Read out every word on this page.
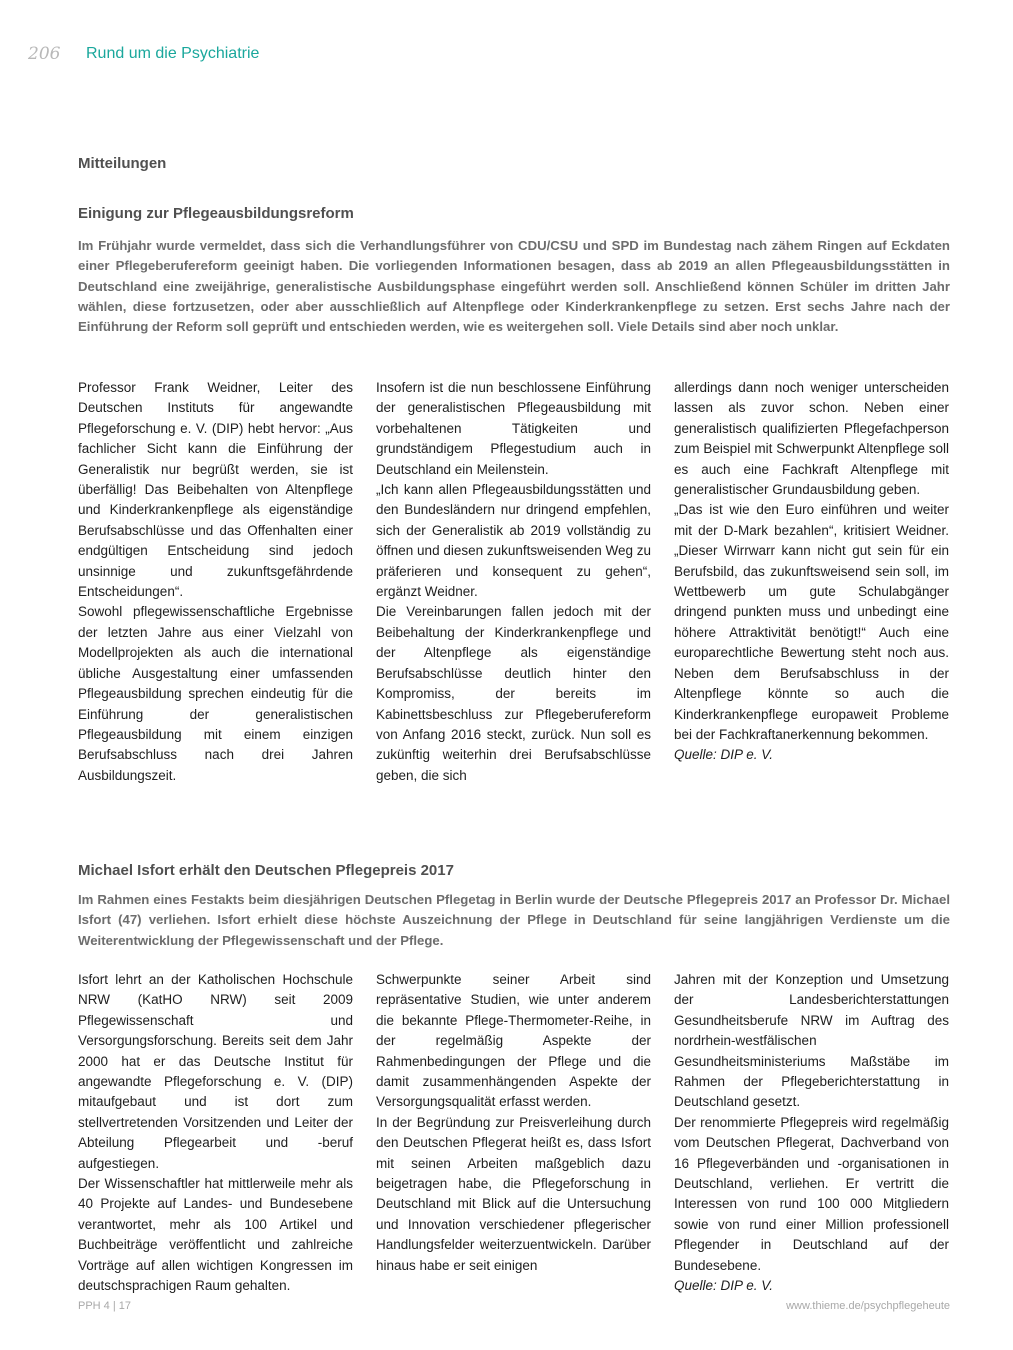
206 Rund um die Psychiatrie
Mitteilungen
Einigung zur Pflegeausbildungsreform

Im Frühjahr wurde vermeldet, dass sich die Verhandlungsführer von CDU/CSU und SPD im Bundestag nach zähem Ringen auf Eckdaten einer Pflegeberufereform geeinigt haben. Die vorliegenden Informationen besagen, dass ab 2019 an allen Pflegeausbildungsstätten in Deutschland eine zweijährige, generalistische Ausbildungsphase eingeführt werden soll. Anschließend können Schüler im dritten Jahr wählen, diese fortzusetzen, oder aber ausschließlich auf Altenpflege oder Kinderkrankenpflege zu setzen. Erst sechs Jahre nach der Einführung der Reform soll geprüft und entschieden werden, wie es weitergehen soll. Viele Details sind aber noch unklar.

Professor Frank Weidner, Leiter des Deutschen Instituts für angewandte Pflegeforschung e. V. (DIP) hebt hervor: „Aus fachlicher Sicht kann die Einführung der Generalistik nur begrüßt werden, sie ist überfällig! Das Beibehalten von Altenpflege und Kinderkrankenpflege als eigenständige Berufsabschlüsse und das Offenhalten einer endgültigen Entscheidung sind jedoch unsinnige und zukunftsgefährdende Entscheidungen“.

Sowohl pflegewissenschaftliche Ergebnisse der letzten Jahre aus einer Vielzahl von Modellprojekten als auch die international übliche Ausgestaltung einer umfassenden Pflegeausbildung sprechen eindeutig für die Einführung der generalistischen Pflegeausbildung mit einem einzigen Berufsabschluss nach drei Jahren Ausbildungszeit.

Insofern ist die nun beschlossene Einführung der generalistischen Pflegeausbildung mit vorbehaltenen Tätigkeiten und grundständigem Pflegestudium auch in Deutschland ein Meilenstein.

„Ich kann allen Pflegeausbildungsstätten und den Bundesländern nur dringend empfehlen, sich der Generalistik ab 2019 vollständig zu öffnen und diesen zukunftsweisenden Weg zu präferieren und konsequent zu gehen“, ergänzt Weidner.

Die Vereinbarungen fallen jedoch mit der Beibehaltung der Kinderkrankenpflege und der Altenpflege als eigenständige Berufsabschlüsse deutlich hinter den Kompromiss, der bereits im Kabinettsbeschluss zur Pflegeberufereform von Anfang 2016 steckt, zurück. Nun soll es zukünftig weiterhin drei Berufsabschlüsse geben, die sich

allerdings dann noch weniger unterscheiden lassen als zuvor schon. Neben einer generalistisch qualifizierten Pflegefachperson zum Beispiel mit Schwerpunkt Altenpflege soll es auch eine Fachkraft Altenpflege mit generalistischer Grundausbildung geben.

„Das ist wie den Euro einführen und weiter mit der D-Mark bezahlen“, kritisiert Weidner. „Dieser Wirrwarr kann nicht gut sein für ein Berufsbild, das zukunftsweisend sein soll, im Wettbewerb um gute Schulabgänger dringend punkten muss und unbedingt eine höhere Attraktivität benötigt!“ Auch eine europarechtliche Bewertung steht noch aus. Neben dem Berufsabschluss in der Altenpflege könnte so auch die Kinderkrankenpflege europaweit Probleme bei der Fachkraftanerkennung bekommen.

Quelle: DIP e. V.

Michael Isfort erhält den Deutschen Pflegepreis 2017

Im Rahmen eines Festakts beim diesjährigen Deutschen Pflegetag in Berlin wurde der Deutsche Pflegepreis 2017 an Professor Dr. Michael Isfort (47) verliehen. Isfort erhielt diese höchste Auszeichnung der Pflege in Deutschland für seine langjährigen Verdienste um die Weiterentwicklung der Pflegewissenschaft und der Pflege.

Isfort lehrt an der Katholischen Hochschule NRW (KatHO NRW) seit 2009 Pflegewissenschaft und Versorgungsforschung. Bereits seit dem Jahr 2000 hat er das Deutsche Institut für angewandte Pflegeforschung e. V. (DIP) mitaufgebaut und ist dort zum stellvertretenden Vorsitzenden und Leiter der Abteilung Pflegearbeit und -beruf aufgestiegen.

Der Wissenschaftler hat mittlerweile mehr als 40 Projekte auf Landes- und Bundesebene verantwortet, mehr als 100 Artikel und Buchbeiträge veröffentlicht und zahlreiche Vorträge auf allen wichtigen Kongressen im deutschsprachigen Raum gehalten.

Schwerpunkte seiner Arbeit sind repräsentative Studien, wie unter anderem die bekannte Pflege-Thermometer-Reihe, in der regelmäßig Aspekte der Rahmenbedingungen der Pflege und die damit zusammenhängenden Aspekte der Versorgungsqualität erfasst werden.

In der Begründung zur Preisverleihung durch den Deutschen Pflegerat heißt es, dass Isfort mit seinen Arbeiten maßgeblich dazu beigetragen habe, die Pflegeforschung in Deutschland mit Blick auf die Untersuchung und Innovation verschiedener pflegerischer Handlungsfelder weiterzuentwickeln. Darüber hinaus habe er seit einigen

Jahren mit der Konzeption und Umsetzung der Landesberichterstattungen Gesundheitsberufe NRW im Auftrag des nordrhein-westfälischen Gesundheitsministeriums Maßstäbe im Rahmen der Pflegeberichterstattung in Deutschland gesetzt.

Der renommierte Pflegepreis wird regelmäßig vom Deutschen Pflegerat, Dachverband von 16 Pflegeverbänden und -organisationen in Deutschland, verliehen. Er vertritt die Interessen von rund 100 000 Mitgliedern sowie von rund einer Million professionell Pflegender in Deutschland auf der Bundesebene.

Quelle: DIP e. V.

PPH 4 | 17	www.thieme.de/psychpflegeheute
